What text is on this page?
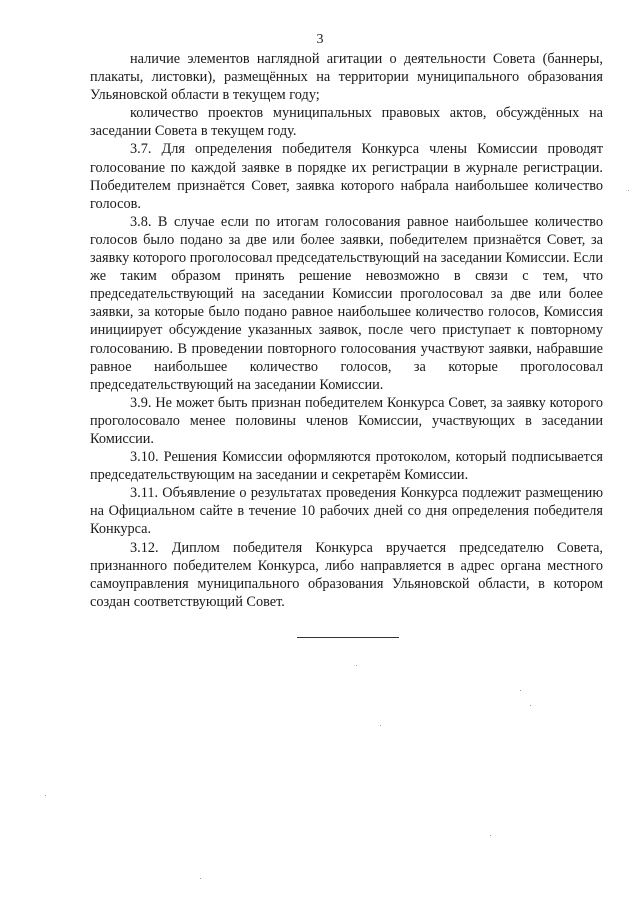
3

наличие элементов наглядной агитации о деятельности Совета (баннеры, плакаты, листовки), размещённых на территории муниципального образования Ульяновской области в текущем году;

количество проектов муниципальных правовых актов, обсуждённых на заседании Совета в текущем году.

3.7. Для определения победителя Конкурса члены Комиссии проводят голосование по каждой заявке в порядке их регистрации в журнале регистрации. Победителем признаётся Совет, заявка которого набрала наибольшее количество голосов.

3.8. В случае если по итогам голосования равное наибольшее количество голосов было подано за две или более заявки, победителем признаётся Совет, за заявку которого проголосовал председательствующий на заседании Комиссии. Если же таким образом принять решение невозможно в связи с тем, что председательствующий на заседании Комиссии проголосовал за две или более заявки, за которые было подано равное наибольшее количество голосов, Комиссия инициирует обсуждение указанных заявок, после чего приступает к повторному голосованию. В проведении повторного голосования участвуют заявки, набравшие равное наибольшее количество голосов, за которые проголосовал председательствующий на заседании Комиссии.

3.9. Не может быть признан победителем Конкурса Совет, за заявку которого проголосовало менее половины членов Комиссии, участвующих в заседании Комиссии.

3.10. Решения Комиссии оформляются протоколом, который подписывается председательствующим на заседании и секретарём Комиссии.

3.11. Объявление о результатах проведения Конкурса подлежит размещению на Официальном сайте в течение 10 рабочих дней со дня определения победителя Конкурса.

3.12. Диплом победителя Конкурса вручается председателю Совета, признанного победителем Конкурса, либо направляется в адрес органа местного самоуправления муниципального образования Ульяновской области, в котором создан соответствующий Совет.
